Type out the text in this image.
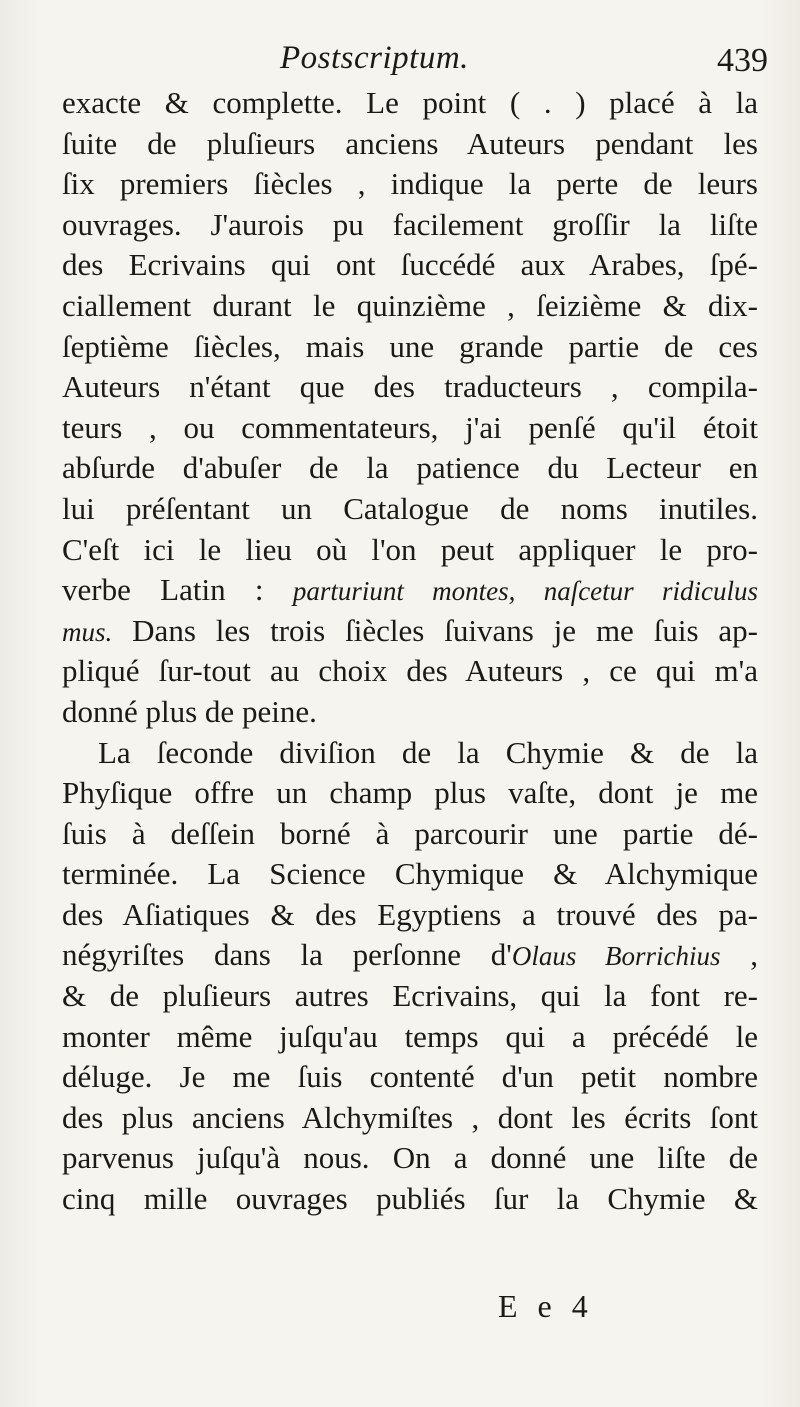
Postscriptum.	439
exacte & complette. Le point ( . ) placé à la
ſuite de pluſieurs anciens Auteurs pendant les
ſix premiers ſiècles , indique la perte de leurs
ouvrages. J'aurois pu facilement groſſir la liſte
des Ecrivains qui ont ſuccédé aux Arabes, ſpé-
ciallement durant le quinzième , ſeizième & dix-
ſeptième ſiècles, mais une grande partie de ces
Auteurs n'étant que des traducteurs , compila-
teurs , ou commentateurs, j'ai penſé qu'il étoit
abſurde d'abuſer de la patience du Lecteur en
lui préſentant un Catalogue de noms inutiles.
C'eſt ici le lieu où l'on peut appliquer le pro-
verbe Latin : parturiunt montes, naſcetur ridiculus
mus. Dans les trois ſiècles ſuivans je me ſuis ap-
pliqué ſur-tout au choix des Auteurs , ce qui m'a
donné plus de peine.
La ſeconde diviſion de la Chymie & de la
Phyſique offre un champ plus vaſte, dont je me
ſuis à deſſein borné à parcourir une partie dé-
terminée. La Science Chymique & Alchymique
des Aſiatiques & des Egyptiens a trouvé des pa-
négyriſtes dans la perſonne d'Olaus Borrichius ,
& de pluſieurs autres Ecrivains, qui la font re-
monter même juſqu'au temps qui a précédé le
déluge. Je me ſuis contenté d'un petit nombre
des plus anciens Alchymiſtes , dont les écrits ſont
parvenus juſqu'à nous. On a donné une liſte de
cinq mille ouvrages publiés ſur la Chymie &
E e 4
